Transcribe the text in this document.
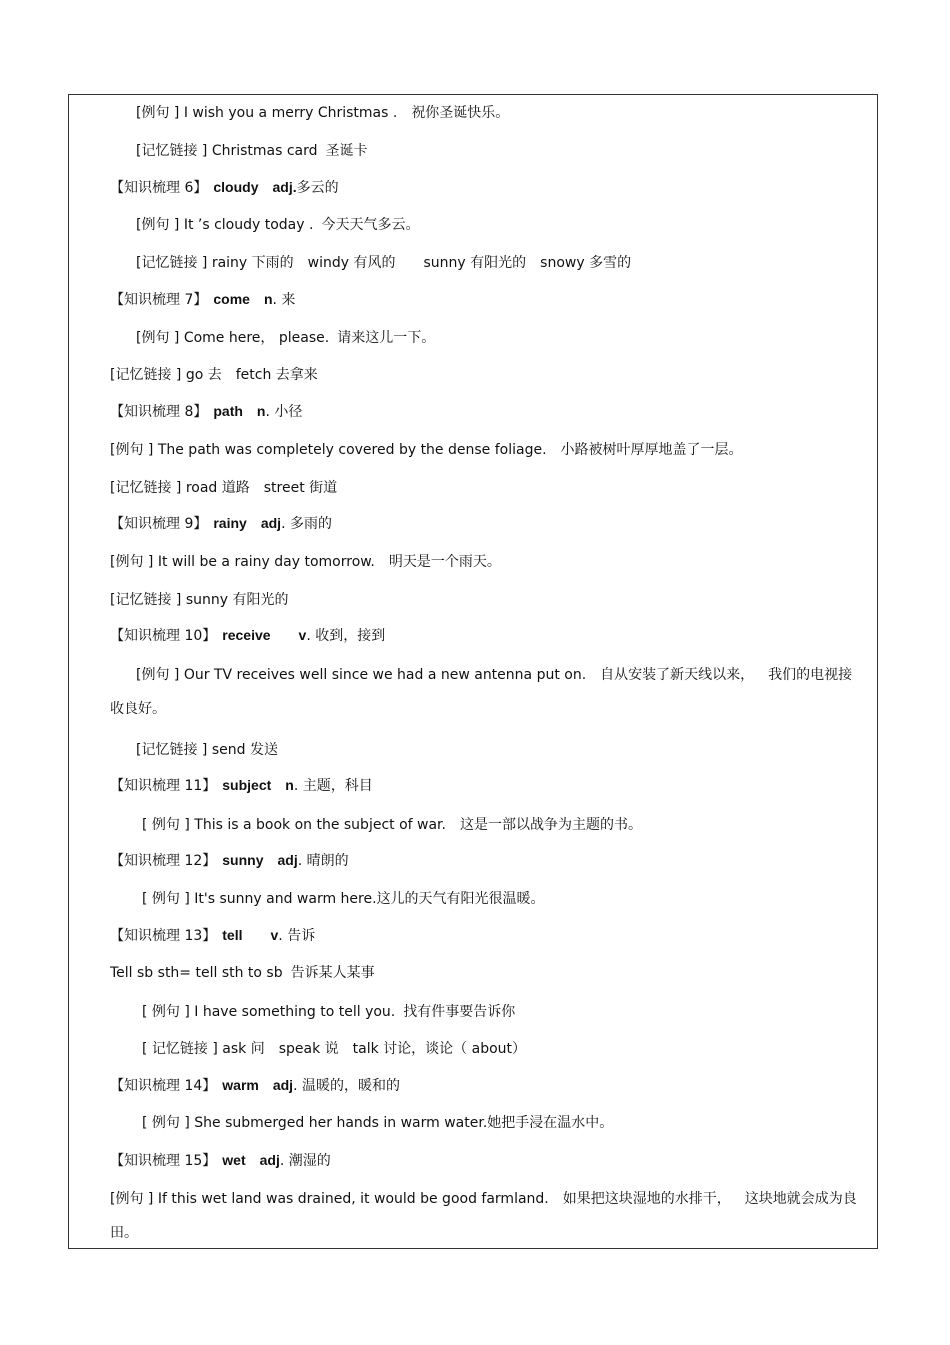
[例句 ] I wish you a merry Christmas . 祝你圣诞快乐。
[记忆链接 ] Christmas card 圣诞卡
【知识梳理 6】 cloudy adj.多云的
[例句 ] It ’s cloudy today . 今天天气多云。
[记忆链接 ] rainy 下雨的 windy 有风的 sunny 有阳光的 snowy 多雪的
【知识梳理 7】 come n. 来
[例句 ] Come here， please. 请来这儿一下。
[记忆链接 ] go 去 fetch 去拿来
【知识梳理 8】 path n. 小径
[例句 ] The path was completely covered by the dense foliage. 小路被树叶厚厚地盖了一层。
[记忆链接 ] road 道路 street 街道
【知识梳理 9】 rainy adj. 多雨的
[例句 ] It will be a rainy day tomorrow. 明天是一个雨天。
[记忆链接 ] sunny 有阳光的
【知识梳理 10】 receive v. 收到，接到
[例句 ] Our TV receives well since we had a new antenna put on. 自从安装了新天线以来， 我们的电视接收良好。
[记忆链接 ] send 发送
【知识梳理 11】 subject n. 主题，科目
[ 例句 ] This is a book on the subject of war. 这是一部以战争为主题的书。
【知识梳理 12】 sunny adj. 晴朗的
[ 例句 ] It's sunny and warm here.这儿的天气有阳光很温暖。
【知识梳理 13】 tell v. 告诉
Tell sb sth= tell sth to sb 告诉某人某事
[ 例句 ] I have something to tell you. 找有件事要告诉你
[ 记忆链接 ] ask 问 speak 说 talk 讨论，谈论（ about）
【知识梳理 14】 warm adj. 温暖的，暖和的
[ 例句 ] She submerged her hands in warm water.她把手浸在温水中。
【知识梳理 15】 wet adj. 潮湿的
[例句 ] If this wet land was drained, it would be good farmland. 如果把这块湿地的水排干， 这块地就会成为良田。
